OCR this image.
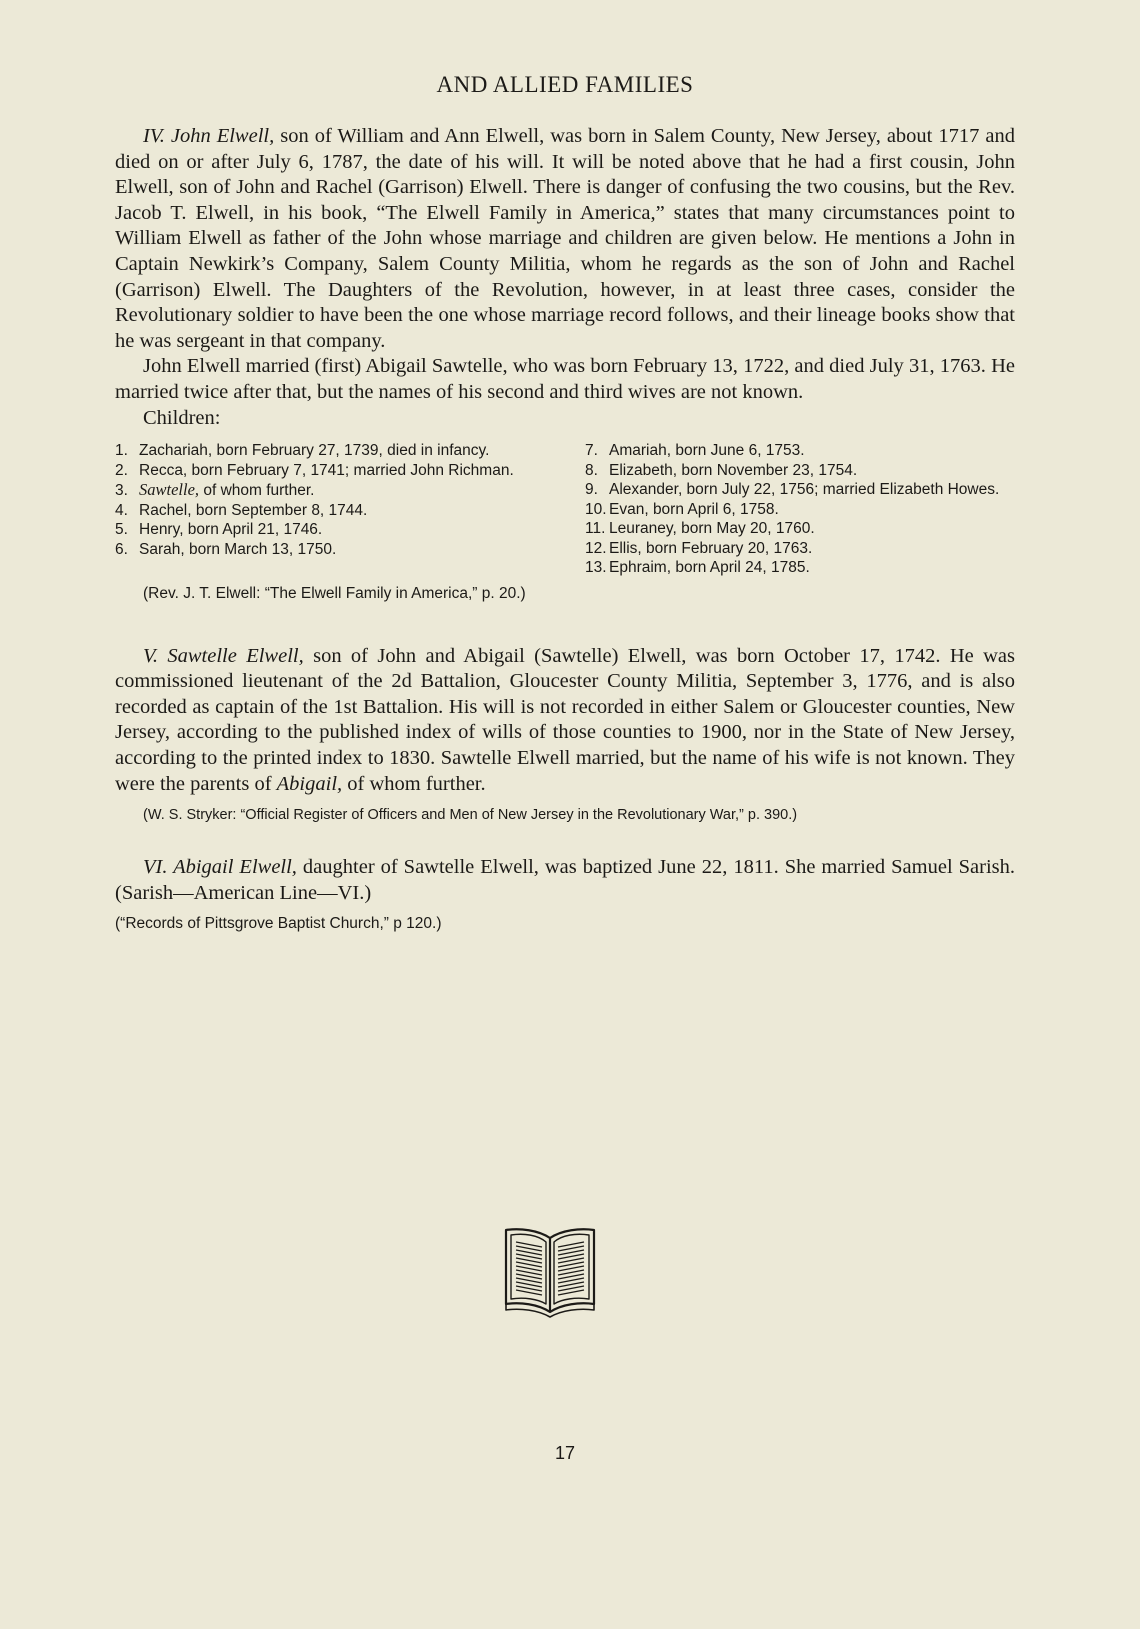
AND ALLIED FAMILIES

IV. John Elwell, son of William and Ann Elwell, was born in Salem County, New Jersey, about 1717 and died on or after July 6, 1787, the date of his will. It will be noted above that he had a first cousin, John Elwell, son of John and Rachel (Garrison) Elwell. There is danger of confusing the two cousins, but the Rev. Jacob T. Elwell, in his book, “The Elwell Family in America,” states that many circumstances point to William Elwell as father of the John whose marriage and children are given below. He mentions a John in Captain Newkirk’s Company, Salem County Militia, whom he regards as the son of John and Rachel (Garrison) Elwell. The Daughters of the Revolution, however, in at least three cases, consider the Revolutionary soldier to have been the one whose marriage record follows, and their lineage books show that he was sergeant in that company.

John Elwell married (first) Abigail Sawtelle, who was born February 13, 1722, and died July 31, 1763. He married twice after that, but the names of his second and third wives are not known.

Children:

1. Zachariah, born February 27, 1739, died in infancy.
2. Recca, born February 7, 1741; married John Richman.
3. Sawtelle, of whom further.
4. Rachel, born September 8, 1744.
5. Henry, born April 21, 1746.
6. Sarah, born March 13, 1750.
7. Amariah, born June 6, 1753.
8. Elizabeth, born November 23, 1754.
9. Alexander, born July 22, 1756; married Elizabeth Howes.
10. Evan, born April 6, 1758.
11. Leuraney, born May 20, 1760.
12. Ellis, born February 20, 1763.
13. Ephraim, born April 24, 1785.

(Rev. J. T. Elwell: “The Elwell Family in America,” p. 20.)

V. Sawtelle Elwell, son of John and Abigail (Sawtelle) Elwell, was born October 17, 1742. He was commissioned lieutenant of the 2d Battalion, Gloucester County Militia, September 3, 1776, and is also recorded as captain of the 1st Battalion. His will is not recorded in either Salem or Gloucester counties, New Jersey, according to the published index of wills of those counties to 1900, nor in the State of New Jersey, according to the printed index to 1830. Sawtelle Elwell married, but the name of his wife is not known. They were the parents of Abigail, of whom further.

(W. S. Stryker: “Official Register of Officers and Men of New Jersey in the Revolutionary War,” p. 390.)

VI. Abigail Elwell, daughter of Sawtelle Elwell, was baptized June 22, 1811. She married Samuel Sarish. (Sarish—American Line—VI.)

(“Records of Pittsgrove Baptist Church,” p 120.)

17
